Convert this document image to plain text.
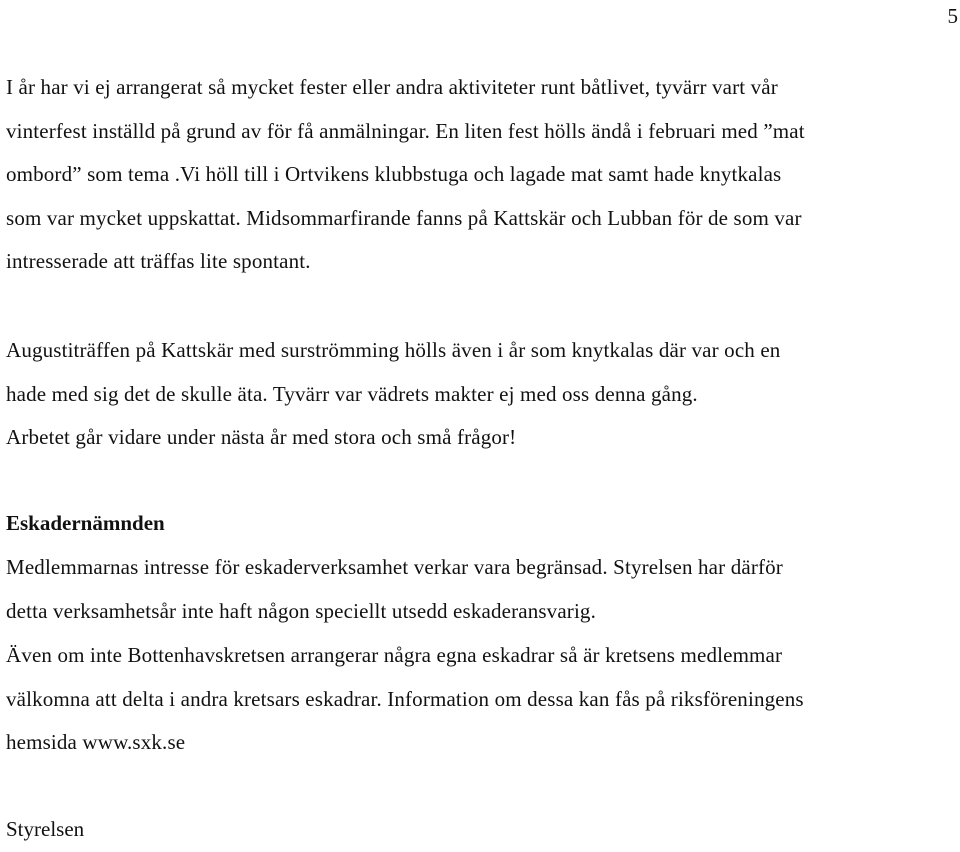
5
I år har vi ej arrangerat så mycket fester eller andra aktiviteter runt båtlivet, tyvärr vart vår
vinterfest inställd på grund av för få anmälningar. En liten fest hölls ändå i februari med ”mat
ombord” som tema .Vi höll till i Ortvikens klubbstuga och lagade mat samt hade knytkalas
som var mycket uppskattat. Midsommarfirande fanns på Kattskär och Lubban för de som var
intresserade att träffas lite spontant.
Augustiträffen på Kattskär med surströmming hölls även i år som knytkalas där var och en
hade med sig det de skulle äta. Tyvärr var vädrets makter ej med oss denna gång.
Arbetet går vidare under nästa år med stora och små frågor!
Eskadernämnden
Medlemmarnas intresse för eskaderverksamhet verkar vara begränsad. Styrelsen har därför
detta verksamhetsår inte haft någon speciellt utsedd eskaderansvarig.
Även om inte Bottenhavskretsen arrangerar några egna eskadrar så är kretsens medlemmar
välkomna att delta i andra kretsars eskadrar. Information om dessa kan fås på riksföreningens
hemsida www.sxk.se
Styrelsen
